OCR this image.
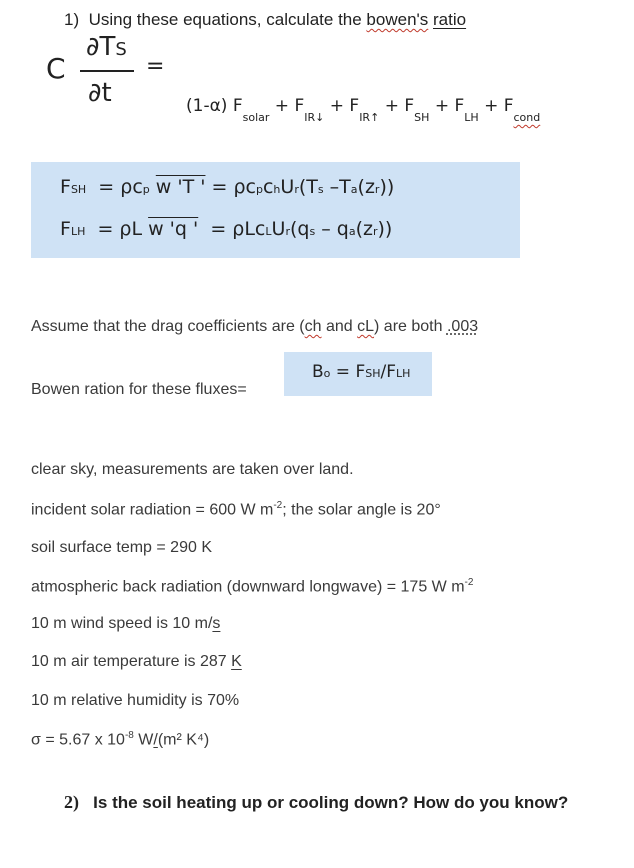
1) Using these equations, calculate the bowen's ratio
C
∂TS
∂t
=
(1-α) $F_{solar} + F_{IR↓} + F_{IR↑} + F_{SH} + F_{LH} + F_{cond}$
FSH = ρcp w 'T ' = ρcpchUr(Ts –Ta(zr))
FLH = ρL w 'q ' = ρLcLUr(qs – qa(zr))
Assume that the drag coefficients are (ch and cL) are both .003
Bo = FSH/FLH
Bowen ration for these fluxes=
clear sky, measurements are taken over land.
incident solar radiation = 600 W $m^{-2}$; the solar angle is 20°
soil surface temp = 290 K
atmospheric back radiation (downward longwave) = 175 W $m^{-2}$
10 m wind speed is 10 m/s
10 m air temperature is 287 K
10 m relative humidity is 70%
σ = 5.67 x $10^{-8}$ W/(m² K⁴)
2) Is the soil heating up or cooling down? How do you know?
